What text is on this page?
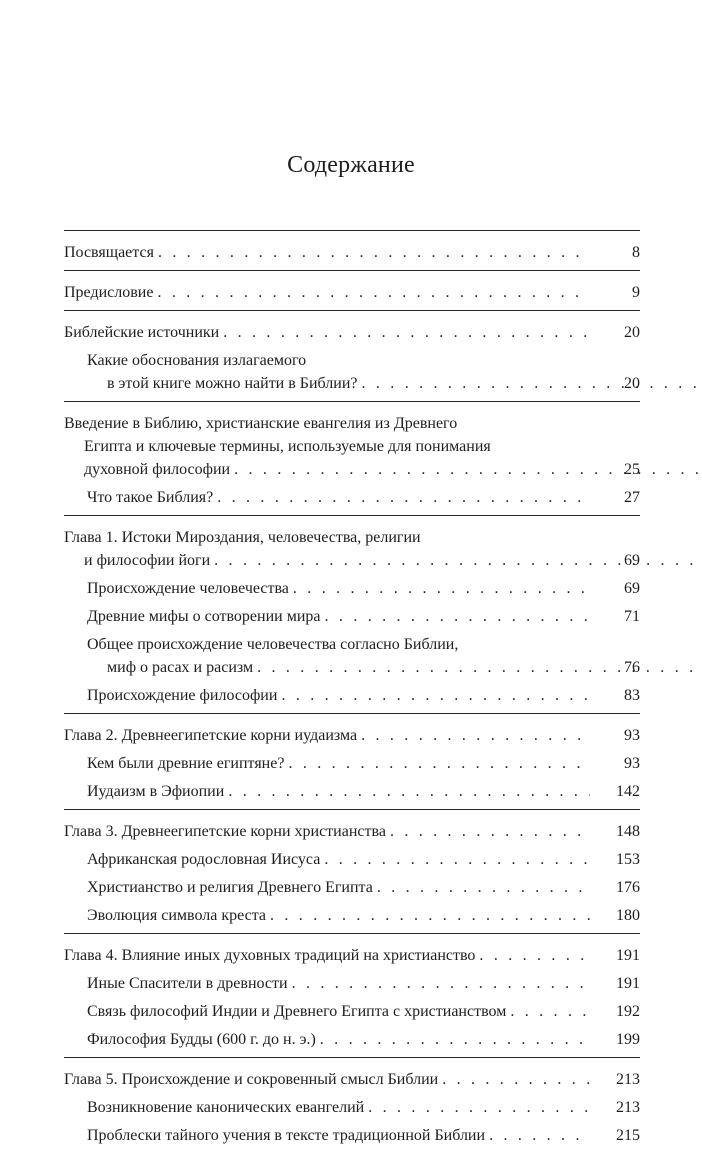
Содержание
Посвящается . . .	8
Предисловие . . .	9
Библейские источники . . .	20
Какие обоснования излагаемого
в этой книге можно найти в Библии? . . .	20
Введение в Библию, христианские евангелия из Древнего
Египта и ключевые термины, используемые для понимания
духовной философии . . .	25
Что такое Библия? . . .	27
Глава 1. Истоки Мироздания, человечества, религии
и философии йоги . . .	69
Происхождение человечества . . .	69
Древние мифы о сотворении мира . . .	71
Общее происхождение человечества согласно Библии,
миф о расах и расизм . . .	76
Происхождение философии . . .	83
Глава 2. Древнеегипетские корни иудаизма . . .	93
Кем были древние египтяне? . . .	93
Иудаизм в Эфиопии . . .	142
Глава 3. Древнеегипетские корни христианства . . .	148
Африканская родословная Иисуса . . .	153
Христианство и религия Древнего Египта . . .	176
Эволюция символа креста . . .	180
Глава 4. Влияние иных духовных традиций на христианство . . .	191
Иные Спасители в древности . . .	191
Связь философий Индии и Древнего Египта с христианством . . .	192
Философия Будды (600 г. до н. э.) . . .	199
Глава 5. Происхождение и сокровенный смысл Библии . . .	213
Возникновение канонических евангелий . . .	213
Проблески тайного учения в тексте традиционной Библии . . .	215
